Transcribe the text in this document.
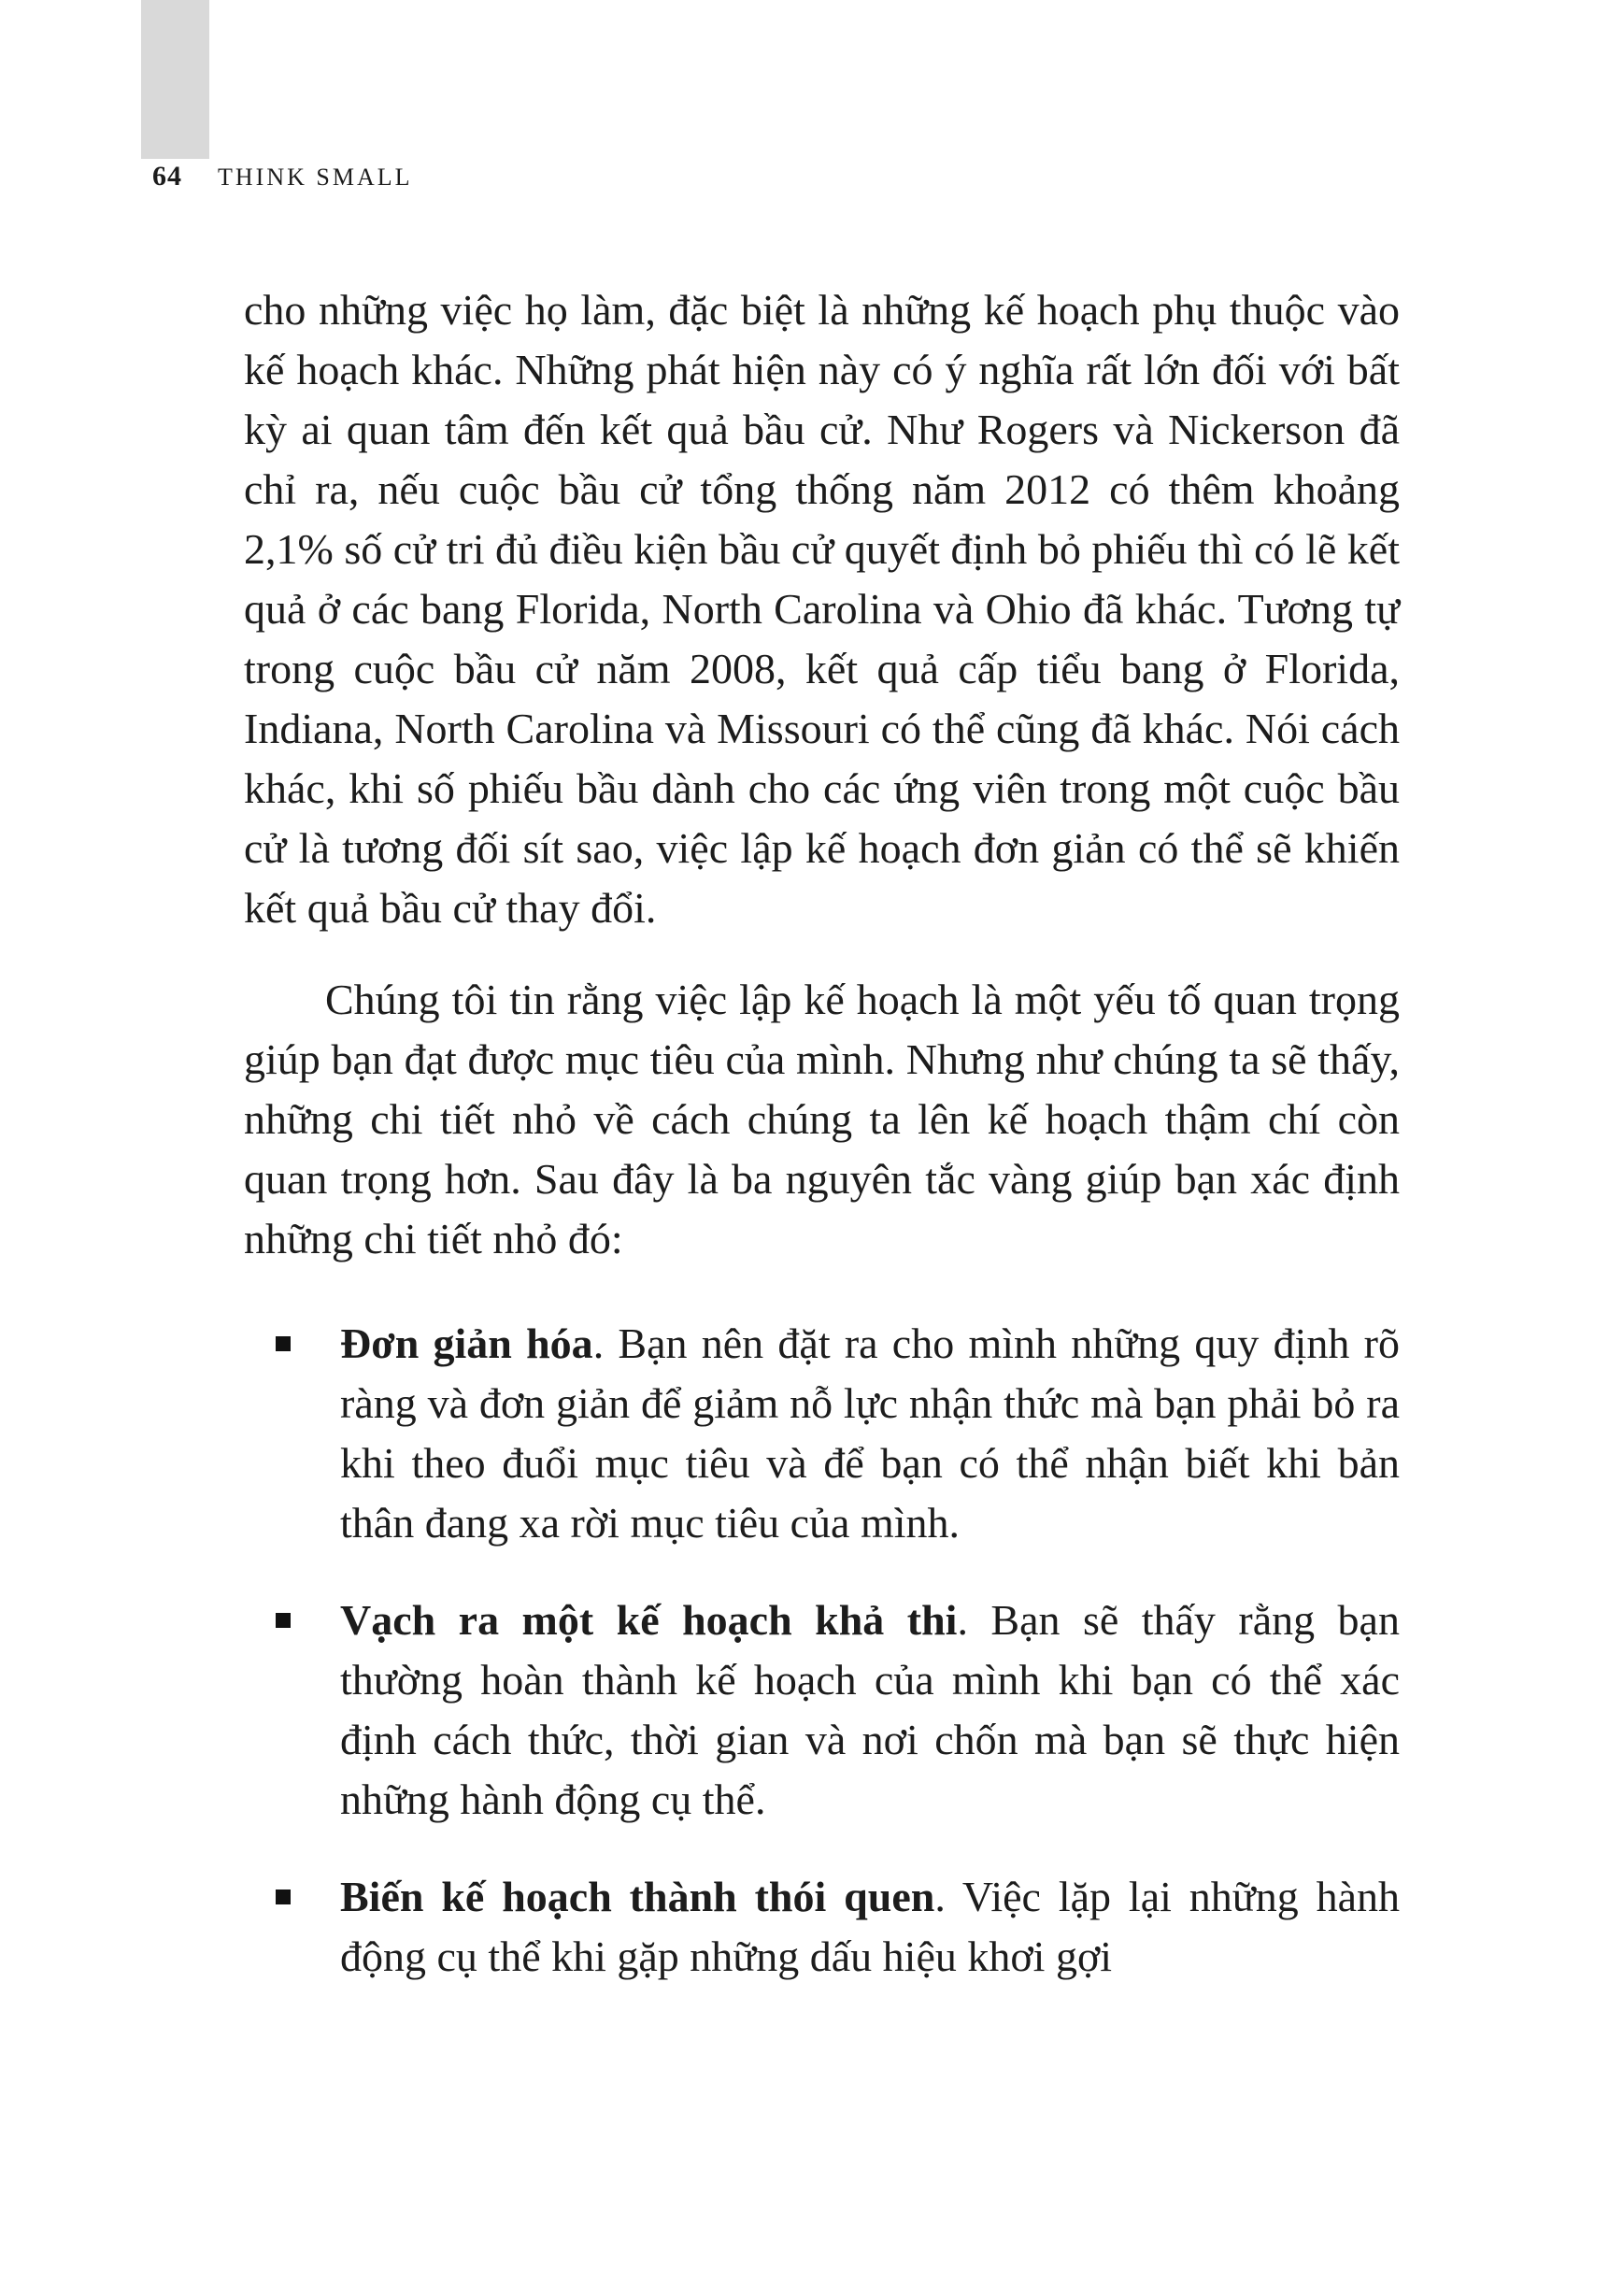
64 THINK SMALL

cho những việc họ làm, đặc biệt là những kế hoạch phụ thuộc vào kế hoạch khác. Những phát hiện này có ý nghĩa rất lớn đối với bất kỳ ai quan tâm đến kết quả bầu cử. Như Rogers và Nickerson đã chỉ ra, nếu cuộc bầu cử tổng thống năm 2012 có thêm khoảng 2,1% số cử tri đủ điều kiện bầu cử quyết định bỏ phiếu thì có lẽ kết quả ở các bang Florida, North Carolina và Ohio đã khác. Tương tự trong cuộc bầu cử năm 2008, kết quả cấp tiểu bang ở Florida, Indiana, North Carolina và Missouri có thể cũng đã khác. Nói cách khác, khi số phiếu bầu dành cho các ứng viên trong một cuộc bầu cử là tương đối sít sao, việc lập kế hoạch đơn giản có thể sẽ khiến kết quả bầu cử thay đổi.

Chúng tôi tin rằng việc lập kế hoạch là một yếu tố quan trọng giúp bạn đạt được mục tiêu của mình. Nhưng như chúng ta sẽ thấy, những chi tiết nhỏ về cách chúng ta lên kế hoạch thậm chí còn quan trọng hơn. Sau đây là ba nguyên tắc vàng giúp bạn xác định những chi tiết nhỏ đó:

Đơn giản hóa. Bạn nên đặt ra cho mình những quy định rõ ràng và đơn giản để giảm nỗ lực nhận thức mà bạn phải bỏ ra khi theo đuổi mục tiêu và để bạn có thể nhận biết khi bản thân đang xa rời mục tiêu của mình.
Vạch ra một kế hoạch khả thi. Bạn sẽ thấy rằng bạn thường hoàn thành kế hoạch của mình khi bạn có thể xác định cách thức, thời gian và nơi chốn mà bạn sẽ thực hiện những hành động cụ thể.
Biến kế hoạch thành thói quen. Việc lặp lại những hành động cụ thể khi gặp những dấu hiệu khơi gợi
